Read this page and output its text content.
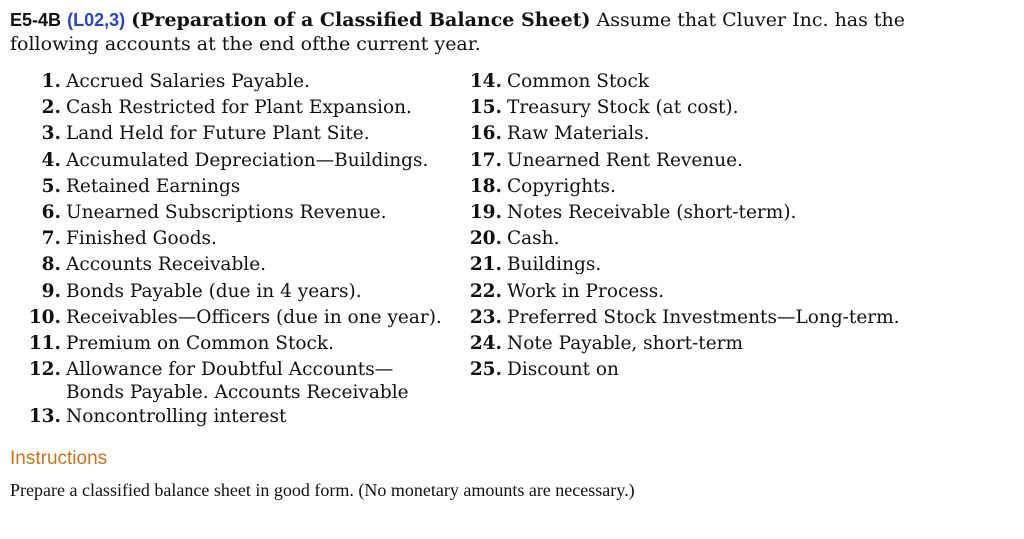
E5-4B (L02,3) (Preparation of a Classified Balance Sheet) Assume that Cluver Inc. has the
following accounts at the end ofthe current year.
1. Accrued Salaries Payable.
2. Cash Restricted for Plant Expansion.
3. Land Held for Future Plant Site.
4. Accumulated Depreciation—Buildings.
5. Retained Earnings
6. Unearned Subscriptions Revenue.
7. Finished Goods.
8. Accounts Receivable.
9. Bonds Payable (due in 4 years).
10. Receivables—Officers (due in one year).
11. Premium on Common Stock.
12. Allowance for Doubtful Accounts—
Bonds Payable. Accounts Receivable
13. Noncontrolling interest
14. Common Stock
15. Treasury Stock (at cost).
16. Raw Materials.
17. Unearned Rent Revenue.
18. Copyrights.
19. Notes Receivable (short-term).
20. Cash.
21. Buildings.
22. Work in Process.
23. Preferred Stock Investments—Long-term.
24. Note Payable, short-term
25. Discount on
Instructions
Prepare a classified balance sheet in good form. (No monetary amounts are necessary.)
